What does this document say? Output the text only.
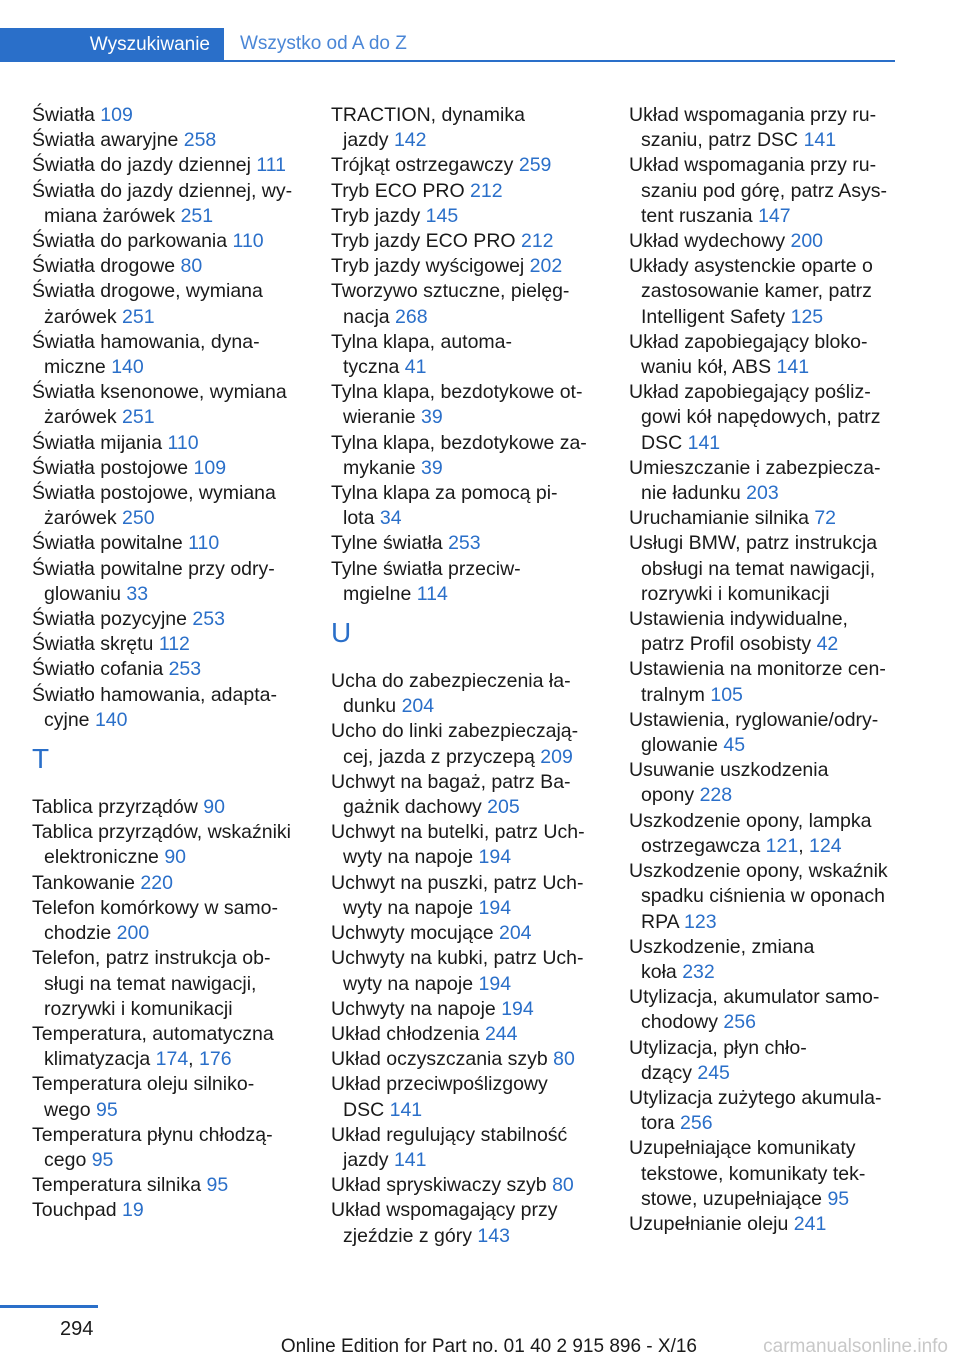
Wyszukiwanie	Wszystko od A do Z
Światła 109
Światła awaryjne 258
Światła do jazdy dziennej 111
Światła do jazdy dziennej, wy‐
miana żarówek 251
Światła do parkowania 110
Światła drogowe 80
Światła drogowe, wymiana
żarówek 251
Światła hamowania, dyna‐
miczne 140
Światła ksenonowe, wymiana
żarówek 251
Światła mijania 110
Światła postojowe 109
Światła postojowe, wymiana
żarówek 250
Światła powitalne 110
Światła powitalne przy odry‐
glowaniu 33
Światła pozycyjne 253
Światła skrętu 112
Światło cofania 253
Światło hamowania, adapta‐
cyjne 140
T
Tablica przyrządów 90
Tablica przyrządów, wskaźniki
elektroniczne 90
Tankowanie 220
Telefon komórkowy w samo‐
chodzie 200
Telefon, patrz instrukcja ob‐
sługi na temat nawigacji,
rozrywki i komunikacji
Temperatura, automatyczna
klimatyzacja 174, 176
Temperatura oleju silniko‐
wego 95
Temperatura płynu chłodzą‐
cego 95
Temperatura silnika 95
Touchpad 19
TRACTION, dynamika
jazdy 142
Trójkąt ostrzegawczy 259
Tryb ECO PRO 212
Tryb jazdy 145
Tryb jazdy ECO PRO 212
Tryb jazdy wyścigowej 202
Tworzywo sztuczne, pielęg‐
nacja 268
Tylna klapa, automa‐
tyczna 41
Tylna klapa, bezdotykowe ot‐
wieranie 39
Tylna klapa, bezdotykowe za‐
mykanie 39
Tylna klapa za pomocą pi‐
lota 34
Tylne światła 253
Tylne światła przeciw‐
mgielne 114
U
Ucha do zabezpieczenia ła‐
dunku 204
Ucho do linki zabezpieczają‐
cej, jazda z przyczepą 209
Uchwyt na bagaż, patrz Ba‐
gażnik dachowy 205
Uchwyt na butelki, patrz Uch‐
wyty na napoje 194
Uchwyt na puszki, patrz Uch‐
wyty na napoje 194
Uchwyty mocujące 204
Uchwyty na kubki, patrz Uch‐
wyty na napoje 194
Uchwyty na napoje 194
Układ chłodzenia 244
Układ oczyszczania szyb 80
Układ przeciwpoślizgowy
DSC 141
Układ regulujący stabilność
jazdy 141
Układ spryskiwaczy szyb 80
Układ wspomagający przy
zjeździe z góry 143
Układ wspomagania przy ru‐
szaniu, patrz DSC 141
Układ wspomagania przy ru‐
szaniu pod górę, patrz Asys‐
tent ruszania 147
Układ wydechowy 200
Układy asystenckie oparte o
zastosowanie kamer, patrz
Intelligent Safety 125
Układ zapobiegający bloko‐
waniu kół, ABS 141
Układ zapobiegający pośliz‐
gowi kół napędowych, patrz
DSC 141
Umieszczanie i zabezpiecza‐
nie ładunku 203
Uruchamianie silnika 72
Usługi BMW, patrz instrukcja
obsługi na temat nawigacji,
rozrywki i komunikacji
Ustawienia indywidualne,
patrz Profil osobisty 42
Ustawienia na monitorze cen‐
tralnym 105
Ustawienia, ryglowanie/odry‐
glowanie 45
Usuwanie uszkodzenia
opony 228
Uszkodzenie opony, lampka
ostrzegawcza 121, 124
Uszkodzenie opony, wskaźnik
spadku ciśnienia w oponach
RPA 123
Uszkodzenie, zmiana
koła 232
Utylizacja, akumulator samo‐
chodowy 256
Utylizacja, płyn chło‐
dzący 245
Utylizacja zużytego akumula‐
tora 256
Uzupełniające komunikaty
tekstowe, komunikaty tek‐
stowe, uzupełniające 95
Uzupełnianie oleju 241
294
Online Edition for Part no. 01 40 2 915 896 - X/16	carmanualsonline.info
